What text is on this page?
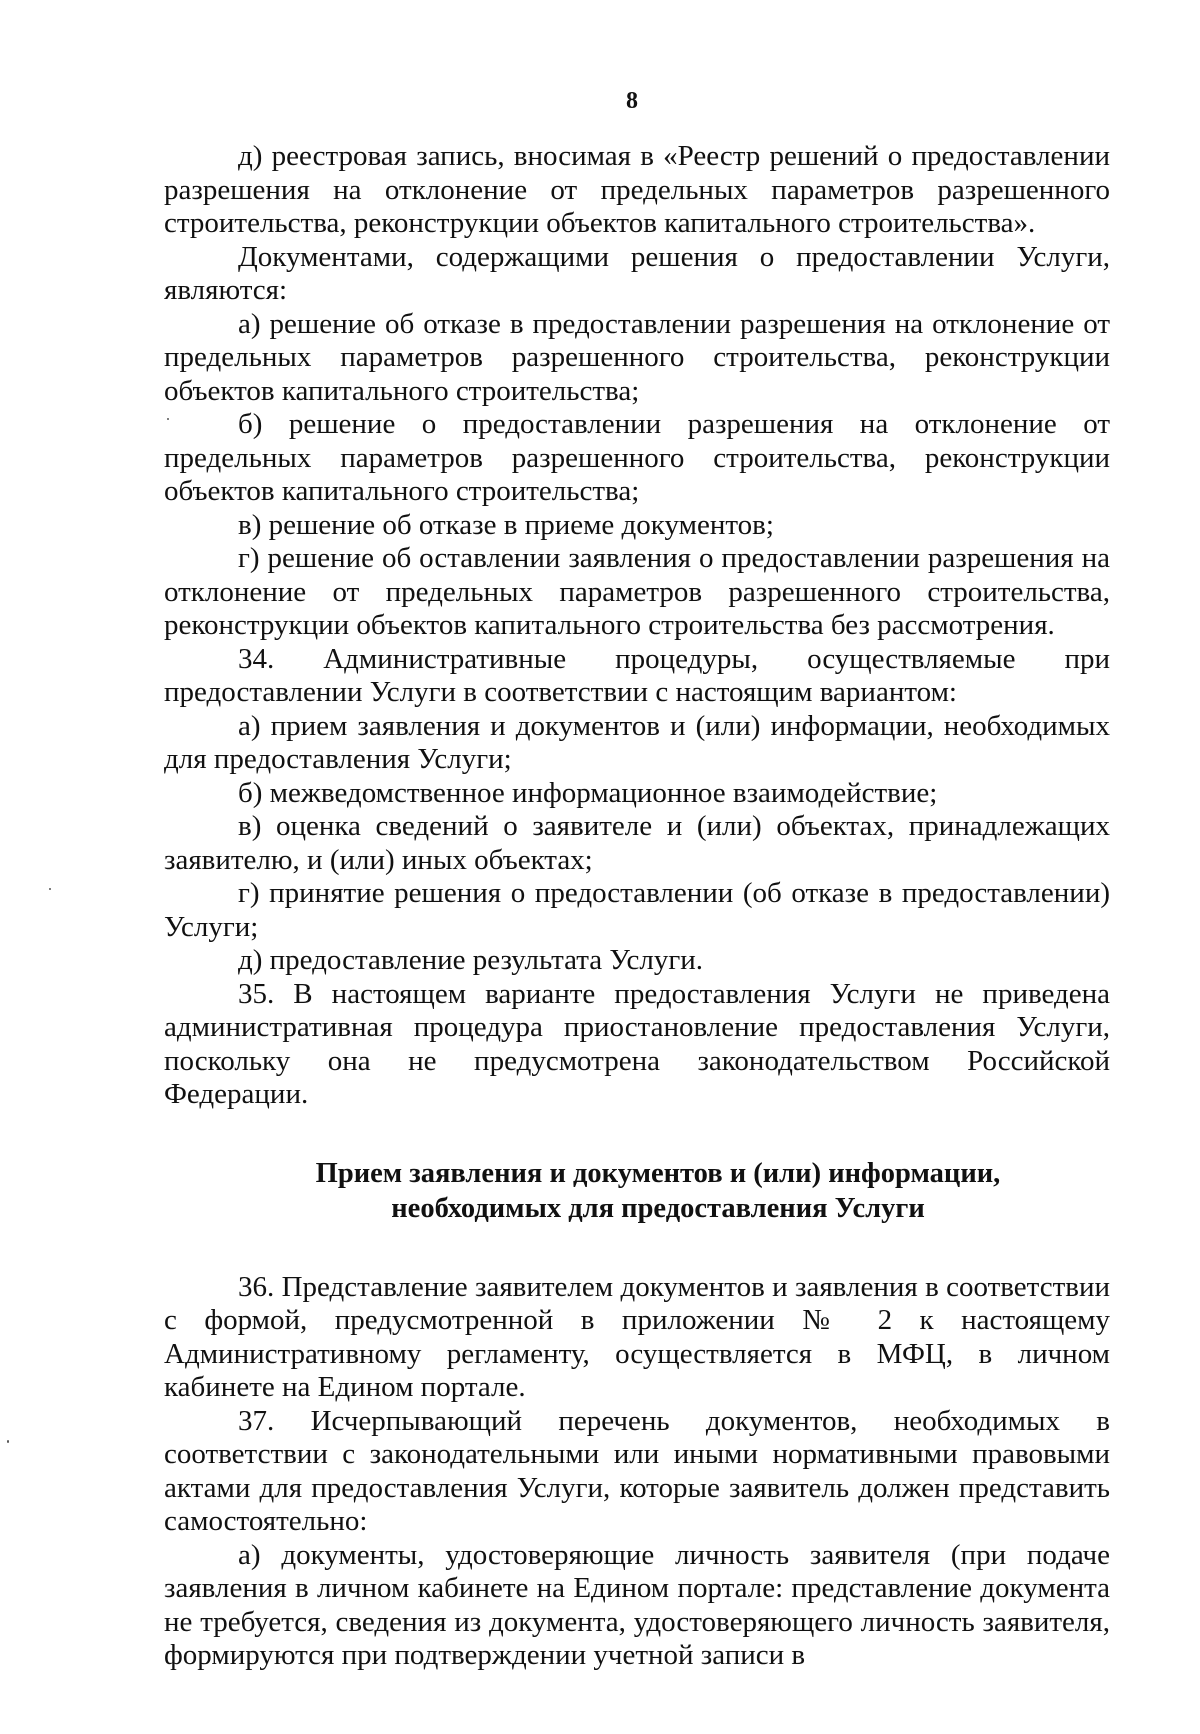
8

д) реестровая запись, вносимая в «Реестр решений о предоставлении разрешения на отклонение от предельных параметров разрешенного строительства, реконструкции объектов капитального строительства».

Документами, содержащими решения о предоставлении Услуги, являются:

а) решение об отказе в предоставлении разрешения на отклонение от предельных параметров разрешенного строительства, реконструкции объектов капитального строительства;

б) решение о предоставлении разрешения на отклонение от предельных параметров разрешенного строительства, реконструкции объектов капитального строительства;

в) решение об отказе в приеме документов;

г) решение об оставлении заявления о предоставлении разрешения на отклонение от предельных параметров разрешенного строительства, реконструкции объектов капитального строительства без рассмотрения.

34. Административные процедуры, осуществляемые при предоставлении Услуги в соответствии с настоящим вариантом:

а) прием заявления и документов и (или) информации, необходимых для предоставления Услуги;

б) межведомственное информационное взаимодействие;

в) оценка сведений о заявителе и (или) объектах, принадлежащих заявителю, и (или) иных объектах;

г) принятие решения о предоставлении (об отказе в предоставлении) Услуги;

д) предоставление результата Услуги.

35. В настоящем варианте предоставления Услуги не приведена административная процедура приостановление предоставления Услуги, поскольку она не предусмотрена законодательством Российской Федерации.

Прием заявления и документов и (или) информации,
необходимых для предоставления Услуги

36. Представление заявителем документов и заявления в соответствии с формой, предусмотренной в приложении № 2 к настоящему Административному регламенту, осуществляется в МФЦ, в личном кабинете на Едином портале.

37. Исчерпывающий перечень документов, необходимых в соответствии с законодательными или иными нормативными правовыми актами для предоставления Услуги, которые заявитель должен представить самостоятельно:

а) документы, удостоверяющие личность заявителя (при подаче заявления в личном кабинете на Едином портале: представление документа не требуется, сведения из документа, удостоверяющего личность заявителя, формируются при подтверждении учетной записи в
